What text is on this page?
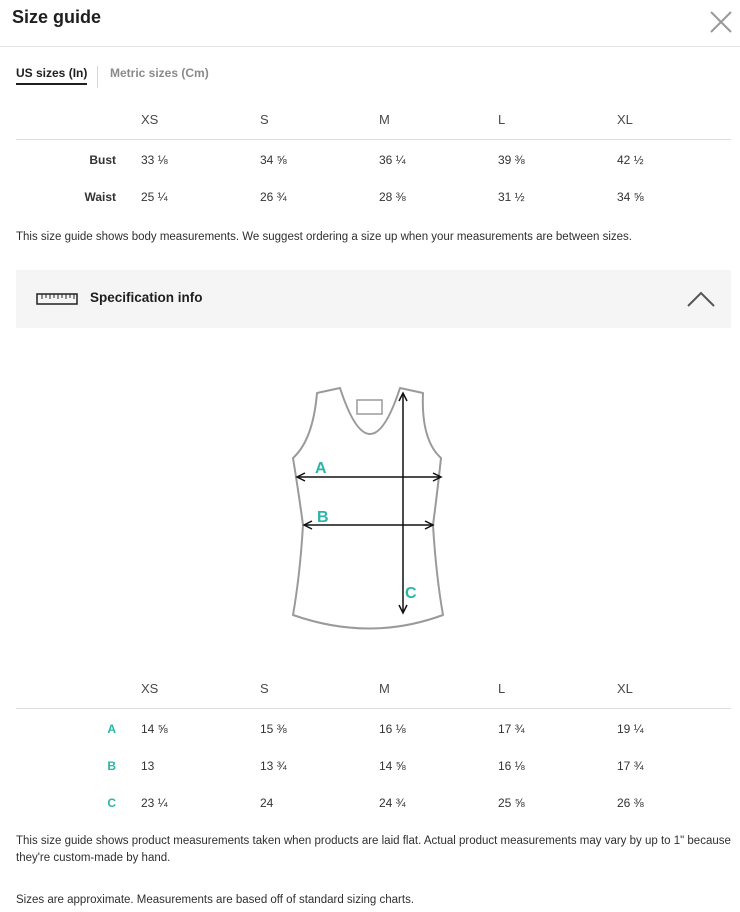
Size guide
US sizes (In) Metric sizes (Cm)
XS	S	M	L	XL
Bust 33 ⅛	34 ⅝	36 ¼	39 ⅜	42 ½
Waist 25 ¼	26 ¾	28 ⅜	31 ½	34 ⅝
This size guide shows body measurements. We suggest ordering a size up when your measurements are between sizes.
Specification info
A
B
C
XS	S	M	L	XL
A 14 ⅝	15 ⅜	16 ⅛	17 ¾	19 ¼
B 13	13 ¾	14 ⅝	16 ⅛	17 ¾
C 23 ¼	24	24 ¾	25 ⅝	26 ⅜
This size guide shows product measurements taken when products are laid flat. Actual product measurements may vary by up to 1" because they're custom-made by hand.
Sizes are approximate. Measurements are based off of standard sizing charts.
